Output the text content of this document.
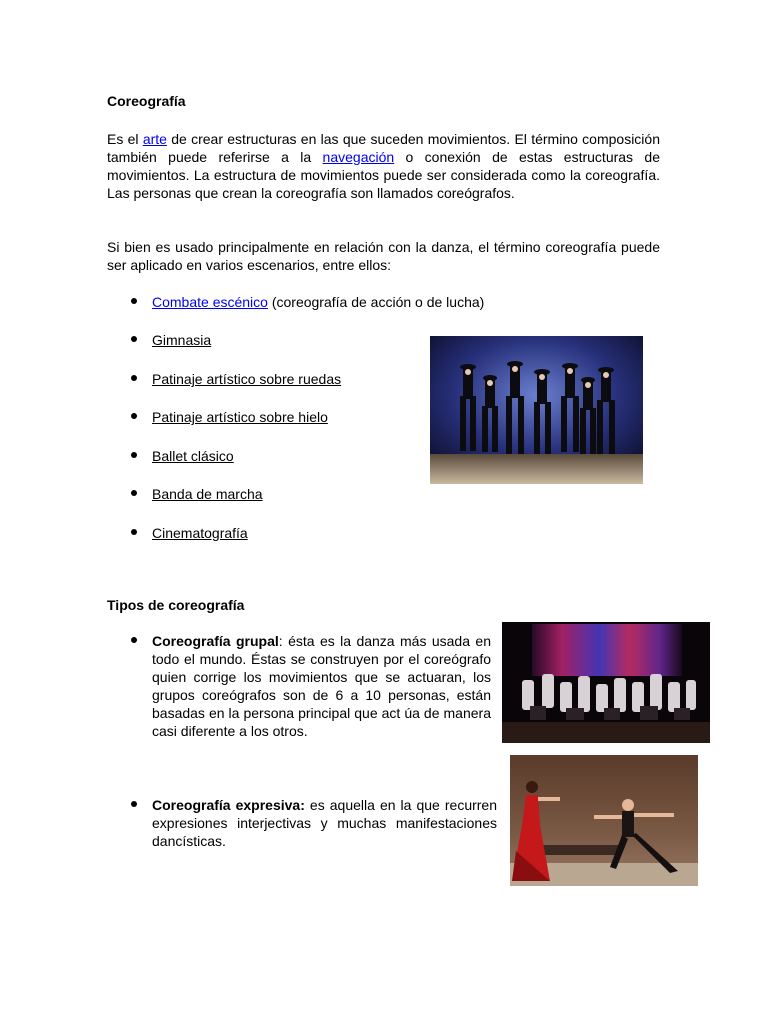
Coreografía
Es el arte de crear estructuras en las que suceden movimientos. El término composición también puede referirse a la navegación o conexión de estas estructuras de movimientos. La estructura de movimientos puede ser considerada como la coreografía. Las personas que crean la coreografía son llamados coreógrafos.
Si bien es usado principalmente en relación con la danza, el término coreografía puede ser aplicado en varios escenarios, entre ellos:
Combate escénico (coreografía de acción o de lucha)
Gimnasia
Patinaje artístico sobre ruedas
Patinaje artístico sobre hielo
Ballet clásico
Banda de marcha
Cinematografía
Tipos de coreografía
Coreografía grupal: ésta es la danza más usada en todo el mundo. Éstas se construyen por el coreógrafo quien corrige los movimientos que se actuaran, los grupos coreógrafos son de 6 a 10 personas, están basadas en la persona principal que act úa de manera casi diferente a los otros.
Coreografía expresiva: es aquella en la que recurren expresiones interjectivas y muchas manifestaciones dancísticas.
